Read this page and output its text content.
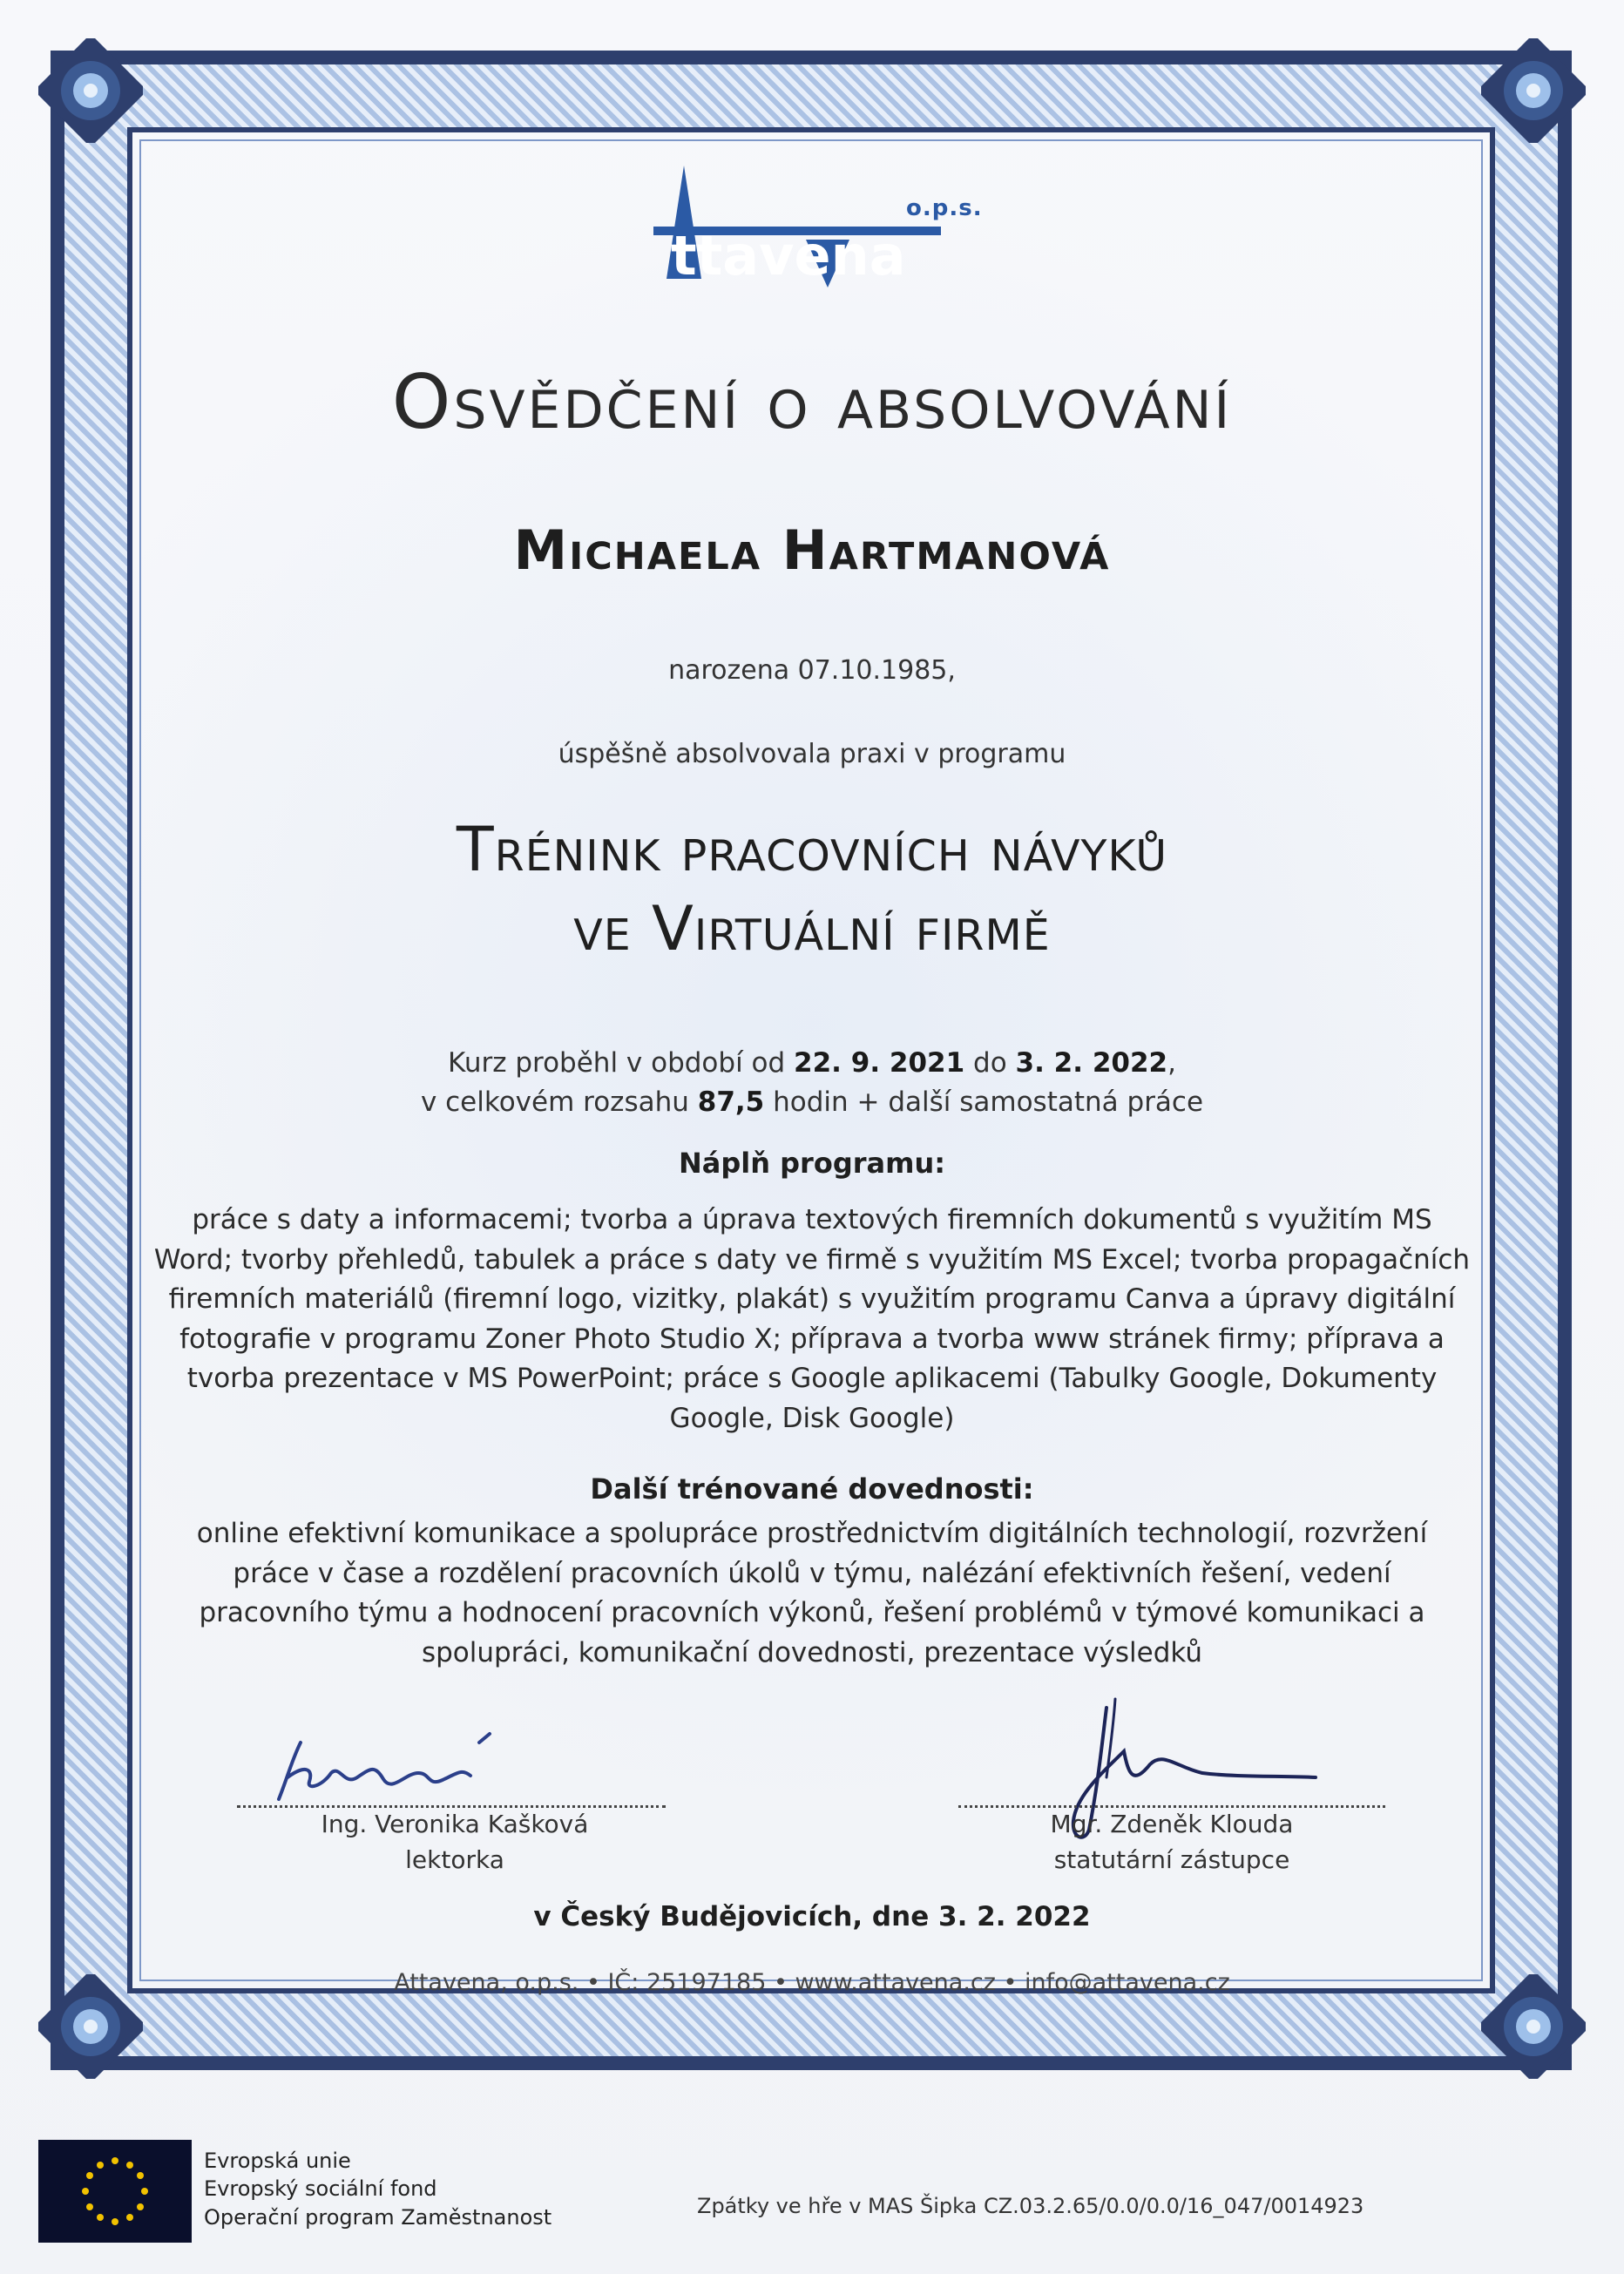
ttavena
o.p.s.
Osvědčení o absolvování
Michaela Hartmanová
narozena 07.10.1985,
úspěšně absolvovala praxi v programu
Trénink pracovních návyků
ve Virtuální firmě
Kurz proběhl v období od 22. 9. 2021 do 3. 2. 2022,
v celkovém rozsahu 87,5 hodin + další samostatná práce
Náplň programu:
práce s daty a informacemi; tvorba a úprava textových firemních dokumentů s využitím MS Word; tvorby přehledů, tabulek a práce s daty ve firmě s využitím MS Excel; tvorba propagačních firemních materiálů (firemní logo, vizitky, plakát) s využitím programu Canva a úpravy digitální fotografie v programu Zoner Photo Studio X; příprava a tvorba www stránek firmy; příprava a tvorba prezentace v MS PowerPoint; práce s Google aplikacemi (Tabulky Google, Dokumenty Google, Disk Google)
Další trénované dovednosti:
online efektivní komunikace a spolupráce prostřednictvím digitálních technologií, rozvržení práce v čase a rozdělení pracovních úkolů v týmu, nalézání efektivních řešení, vedení pracovního týmu a hodnocení pracovních výkonů, řešení problémů v týmové komunikaci a spolupráci, komunikační dovednosti, prezentace výsledků
Ing. Veronika Kašková
lektorka
Mgr. Zdeněk Klouda
statutární zástupce
v Český Budějovicích, dne 3. 2. 2022
Attavena, o.p.s. • IČ: 25197185 • www.attavena.cz • info@attavena.cz
Evropská unie
Evropský sociální fond
Operační program Zaměstnanost	Zpátky ve hře v MAS Šipka CZ.03.2.65/0.0/0.0/16_047/0014923
